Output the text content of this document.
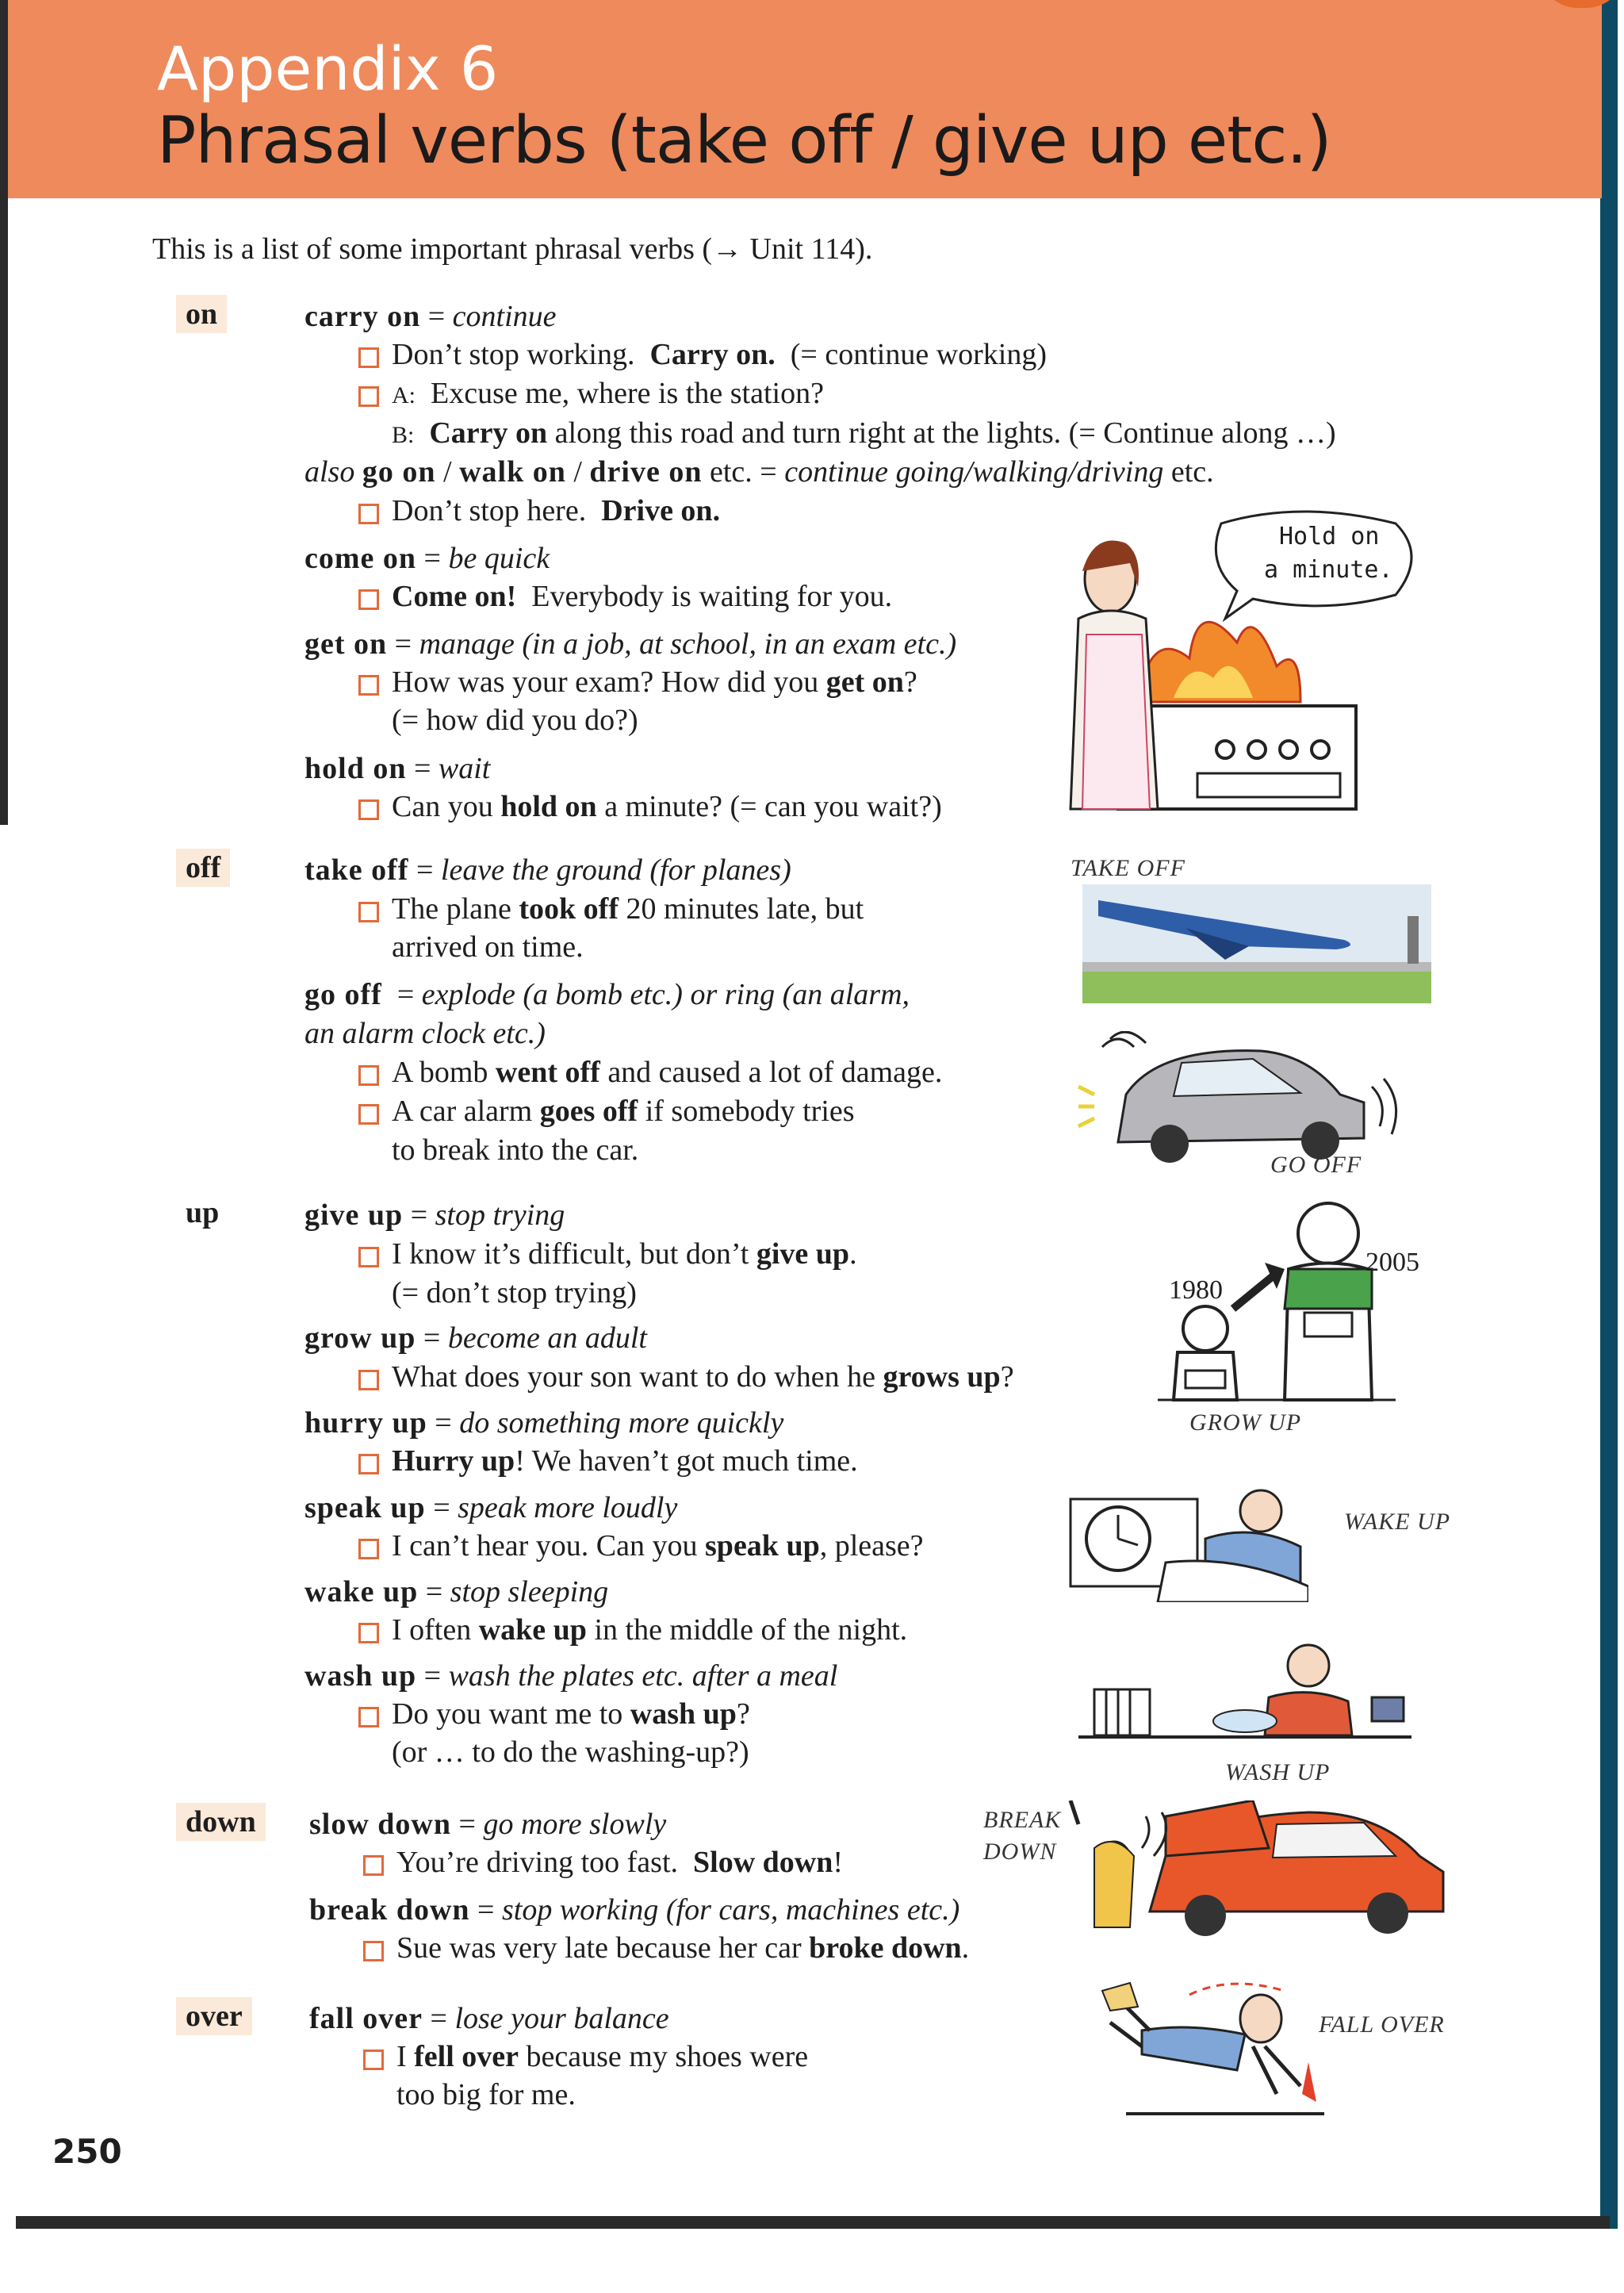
Appendix 6
Phrasal verbs (take off / give up etc.)
This is a list of some important phrasal verbs (→ Unit 114).
on	carry on = continue
Don’t stop working. Carry on. (= continue working)
A: Excuse me, where is the station?
B: Carry on along this road and turn right at the lights. (= Continue along …)
also go on / walk on / drive on etc. = continue going/walking/driving etc.
Don’t stop here. Drive on.
come on = be quick
Come on! Everybody is waiting for you.
get on = manage (in a job, at school, in an exam etc.)
How was your exam? How did you get on?
(= how did you do?)
hold on = wait
Can you hold on a minute? (= can you wait?)
Hold on
a minute.
off	take off = leave the ground (for planes)
The plane took off 20 minutes late, but
arrived on time.
TAKE OFF
go off  = explode (a bomb etc.) or ring (an alarm,
an alarm clock etc.)
A bomb went off and caused a lot of damage.
A car alarm goes off if somebody tries
to break into the car.	GO OFF
up	give up = stop trying
I know it’s difficult, but don’t give up.
(= don’t stop trying)
grow up = become an adult
What does your son want to do when he grows up?
1980
2005
GROW UP
hurry up = do something more quickly
Hurry up! We haven’t got much time.
speak up = speak more loudly
I can’t hear you. Can you speak up, please?
WAKE UP
wake up = stop sleeping
I often wake up in the middle of the night.
wash up = wash the plates etc. after a meal
Do you want me to wash up?
(or … to do the washing-up?)
WASH UP
down	slow down = go more slowly
You’re driving too fast. Slow down!
break down = stop working (for cars, machines etc.)
Sue was very late because her car broke down.
BREAK
DOWN
over	fall over = lose your balance
I fell over because my shoes were
too big for me.
FALL OVER
250
